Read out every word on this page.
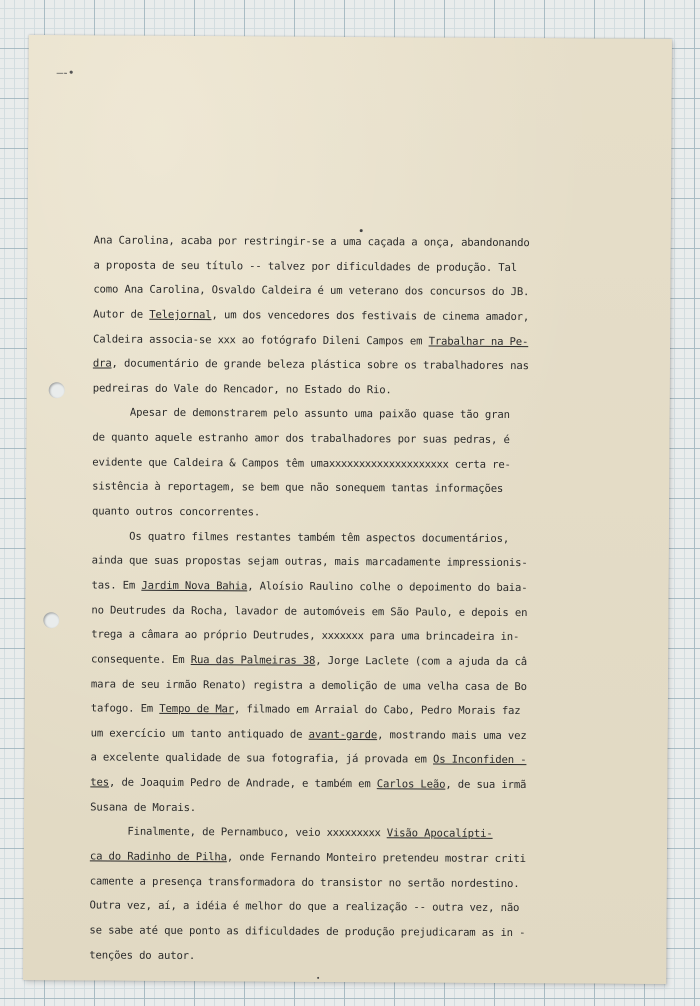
—-•
Ana Carolina, acaba por restringir-se a uma caçada a onça, abandonando
a proposta de seu título -- talvez por dificuldades de produção. Tal
como Ana Carolina, Osvaldo Caldeira é um veterano dos concursos do JB.
Autor de Telejornal, um dos vencedores dos festivais de cinema amador,
Caldeira associa-se xxx ao fotógrafo Dileni Campos em Trabalhar na Pe-
dra, documentário de grande beleza plástica sobre os trabalhadores nas
pedreiras do Vale do Rencador, no Estado do Rio.
Apesar de demonstrarem pelo assunto uma paixão quase tão gran
de quanto aquele estranho amor dos trabalhadores por suas pedras, é
evidente que Caldeira & Campos têm umaxxxxxxxxxxxxxxxxxxxx certa re-
sistência à reportagem, se bem que não sonequem tantas informações
quanto outros concorrentes.
Os quatro filmes restantes também têm aspectos documentários,
ainda que suas propostas sejam outras, mais marcadamente impressionis-
tas. Em Jardim Nova Bahia, Aloísio Raulino colhe o depoimento do baia-
no Deutrudes da Rocha, lavador de automóveis em São Paulo, e depois en
trega a câmara ao próprio Deutrudes, xxxxxxx para uma brincadeira in-
consequente. Em Rua das Palmeiras 38, Jorge Laclete (com a ajuda da câ
mara de seu irmão Renato) registra a demolição de uma velha casa de Bo
tafogo. Em Tempo de Mar, filmado em Arraial do Cabo, Pedro Morais faz
um exercício um tanto antiquado de avant-garde, mostrando mais uma vez
a excelente qualidade de sua fotografia, já provada em Os Inconfiden -
tes, de Joaquim Pedro de Andrade, e também em Carlos Leão, de sua irmã
Susana de Morais.
Finalmente, de Pernambuco, veio xxxxxxxxx Visão Apocalípti-
ca do Radinho de Pilha, onde Fernando Monteiro pretendeu mostrar criti
camente a presença transformadora do transistor no sertão nordestino.
Outra vez, aí, a idéia é melhor do que a realização -- outra vez, não
se sabe até que ponto as dificuldades de produção prejudicaram as in -
tenções do autor.
